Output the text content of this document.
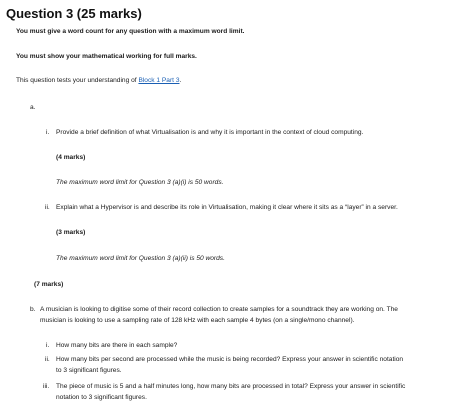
Question 3 (25 marks)
You must give a word count for any question with a maximum word limit.
You must show your mathematical working for full marks.
This question tests your understanding of Block 1 Part 3.
a.
i. Provide a brief definition of what Virtualisation is and why it is important in the context of cloud computing.
(4 marks)
The maximum word limit for Question 3 (a)(i) is 50 words.
ii. Explain what a Hypervisor is and describe its role in Virtualisation, making it clear where it sits as a “layer” in a server.
(3 marks)
The maximum word limit for Question 3 (a)(ii) is 50 words.
(7 marks)
b. A musician is looking to digitise some of their record collection to create samples for a soundtrack they are working on. The
musician is looking to use a sampling rate of 128 kHz with each sample 4 bytes (on a single/mono channel).
i. How many bits are there in each sample?
ii. How many bits per second are processed while the music is being recorded? Express your answer in scientific notation
to 3 significant figures.
iii. The piece of music is 5 and a half minutes long, how many bits are processed in total? Express your answer in scientific
notation to 3 significant figures.
